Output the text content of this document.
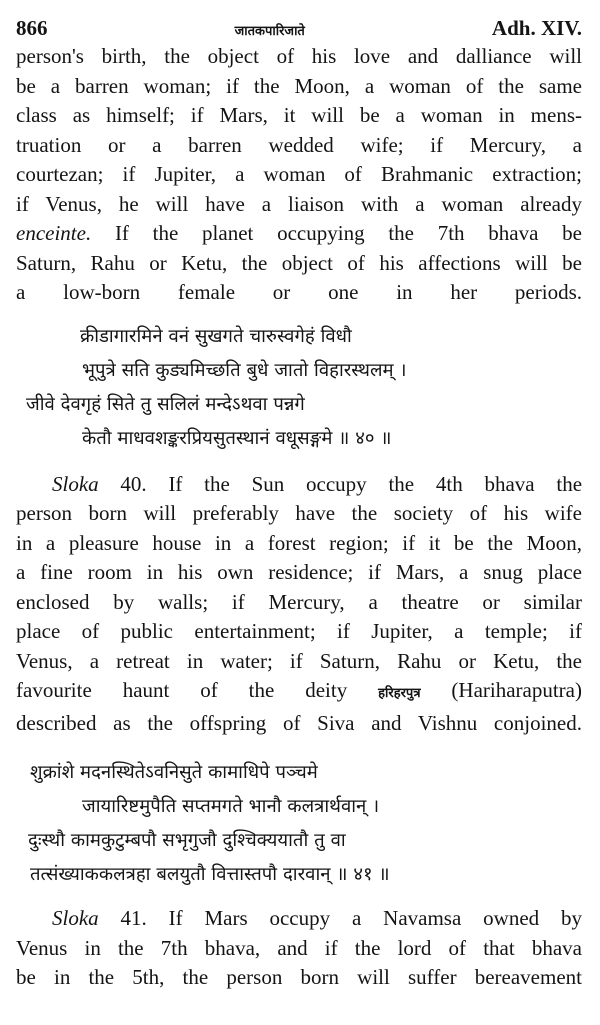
866	जातकपारिजाते	Adh. XIV.
person's birth, the object of his love and dalliance will
be a barren woman; if the Moon, a woman of the same
class as himself; if Mars, it will be a woman in mens-
truation or a barren wedded wife; if Mercury, a
courtezan; if Jupiter, a woman of Brahmanic extraction;
if Venus, he will have a liaison with a woman already
enceinte. If the planet occupying the 7th bhava be
Saturn, Rahu or Ketu, the object of his affections will be
a low-born female or one in her periods.
क्रीडागारमिने वनं सुखगते चारुस्वगेहं विधौ
भूपुत्रे सति कुड्यमिच्छति बुधे जातो विहारस्थलम् ।
जीवे देवगृहं सिते तु सलिलं मन्देऽथवा पन्नगे
केतौ माधवशङ्करप्रियसुतस्थानं वधूसङ्गमे ॥ ४० ॥
Sloka 40. If the Sun occupy the 4th bhava the
person born will preferably have the society of his wife
in a pleasure house in a forest region; if it be the Moon,
a fine room in his own residence; if Mars, a snug place
enclosed by walls; if Mercury, a theatre or similar
place of public entertainment; if Jupiter, a temple; if
Venus, a retreat in water; if Saturn, Rahu or Ketu, the
favourite haunt of the deity हरिहरपुत्र (Hariharaputra)
described as the offspring of Siva and Vishnu conjoined.
शुक्रांशे मदनस्थितेऽवनिसुते कामाधिपे पञ्चमे
जायारिष्टमुपैति सप्तमगते भानौ कलत्रार्थवान् ।
दुःस्थौ कामकुटुम्बपौ सभृगुजौ दुश्चिक्ययातौ तु वा
तत्संख्याककलत्रहा बलयुतौ वित्तास्तपौ दारवान् ॥ ४१ ॥
Sloka 41. If Mars occupy a Navamsa owned by
Venus in the 7th bhava, and if the lord of that bhava
be in the 5th, the person born will suffer bereavement
